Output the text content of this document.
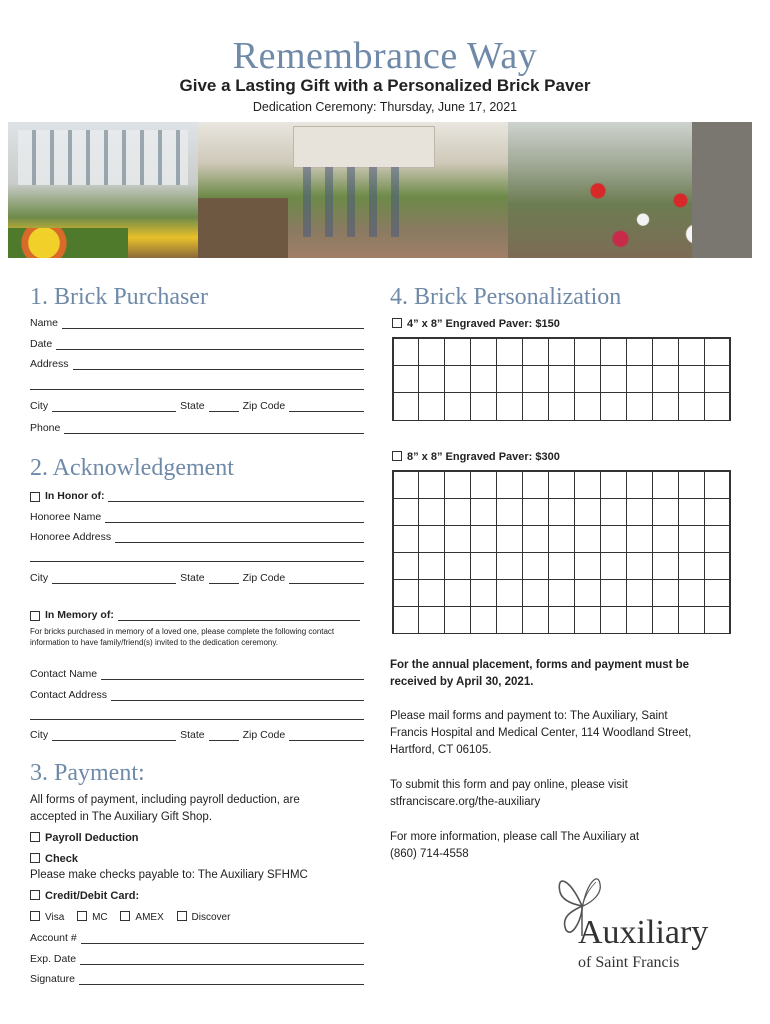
Remembrance Way
Give a Lasting Gift with a Personalized Brick Paver
Dedication Ceremony: Thursday, June 17, 2021
1. Brick Purchaser
Name
Date
Address
City	State	Zip Code
Phone
2. Acknowledgement
In Honor of:
Honoree Name
Honoree Address
City	State	Zip Code
In Memory of:
For bricks purchased in memory of a loved one, please complete the following contact
information to have family/friend(s) invited to the dedication ceremony.
Contact Name
Contact Address
City	State	Zip Code
3. Payment:
All forms of payment, including payroll deduction, are
accepted in The Auxiliary Gift Shop.
Payroll Deduction
Check
Please make checks payable to: The Auxiliary SFHMC
Credit/Debit Card:
Visa	MC	AMEX	Discover
Account #
Exp. Date
Signature
4. Brick Personalization
4” x 8” Engraved Paver: $150
8” x 8” Engraved Paver: $300
For the annual placement, forms and payment must be
received by April 30, 2021.
Please mail forms and payment to: The Auxiliary, Saint
Francis Hospital and Medical Center, 114 Woodland Street,
Hartford, CT 06105.
To submit this form and pay online, please visit
stfranciscare.org/the-auxiliary
For more information, please call The Auxiliary at
(860) 714-4558
Auxiliary
of Saint Francis
